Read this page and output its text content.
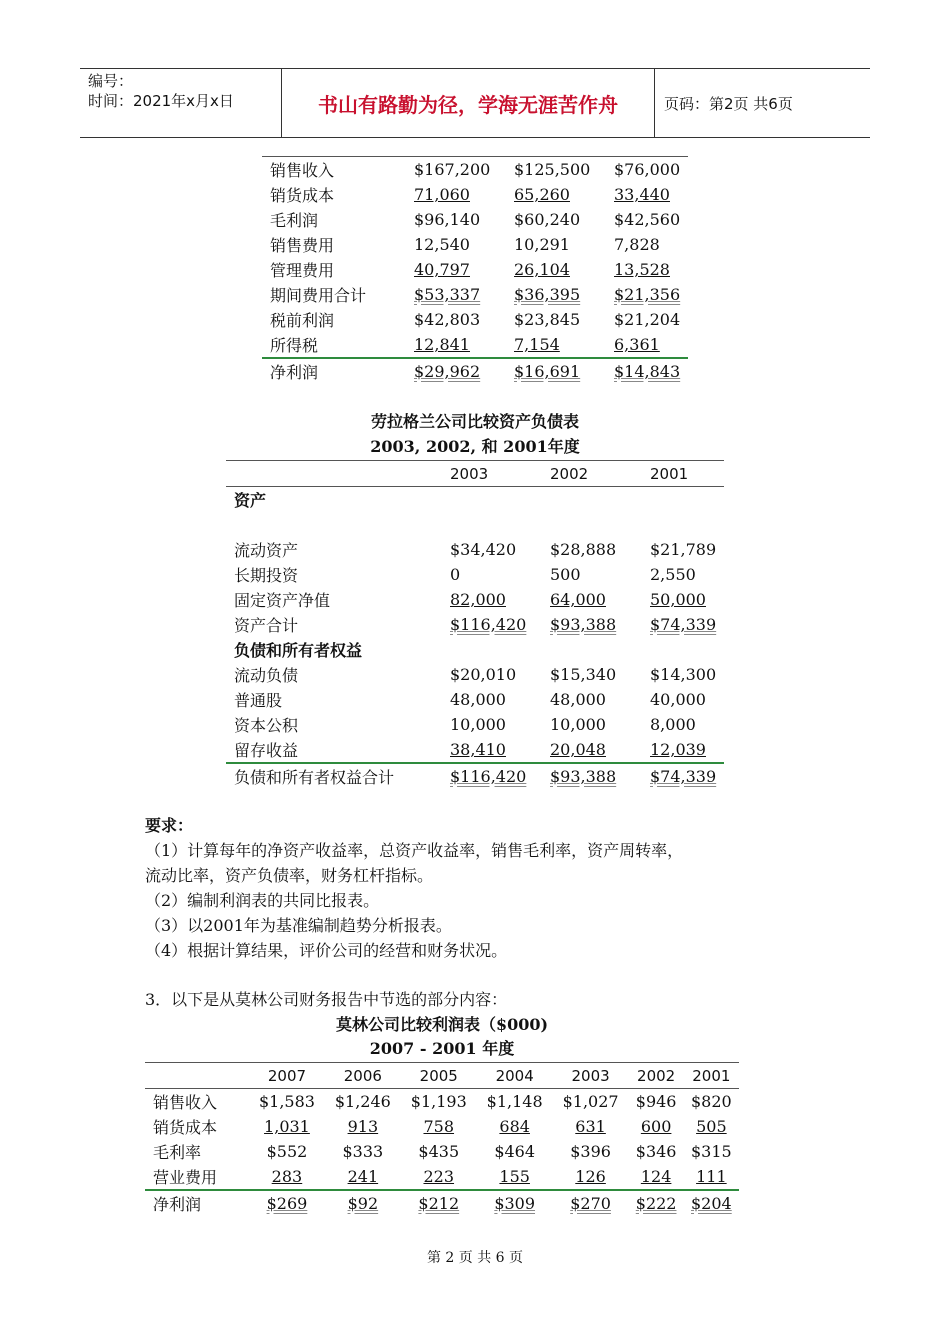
编号：
时间：2021年x月x日	书山有路勤为径，学海无涯苦作舟	页码：第2页 共6页
销售收入	$167,200	$125,500	$76,000
销货成本	71,060	65,260	33,440
毛利润	$96,140	$60,240	$42,560
销售费用	12,540	10,291	7,828
管理费用	40,797	26,104	13,528
期间费用合计	$53,337	$36,395	$21,356
税前利润	$42,803	$23,845	$21,204
所得税	12,841	7,154	6,361
净利润	$29,962	$16,691	$14,843
劳拉格兰公司比较资产负债表
2003, 2002, 和 2001年度
	2003	2002	2001
资产			

流动资产	$34,420	$28,888	$21,789
长期投资	0	500	2,550
固定资产净值	82,000	64,000	50,000
资产合计	$116,420	$93,388	$74,339
负债和所有者权益			
流动负债	$20,010	$15,340	$14,300
普通股	48,000	48,000	40,000
资本公积	10,000	10,000	8,000
留存收益	38,410	20,048	12,039
负债和所有者权益合计	$116,420	$93,388	$74,339
要求：
（1）计算每年的净资产收益率，总资产收益率，销售毛利率，资产周转率，
流动比率，资产负债率，财务杠杆指标。
（2）编制利润表的共同比报表。
（3）以2001年为基准编制趋势分析报表。
（4）根据计算结果，评价公司的经营和财务状况。
3．以下是从莫林公司财务报告中节选的部分内容：
莫林公司比较利润表（$000)
2007 - 2001 年度
	2007	2006	2005	2004	2003	2002	2001
销售收入	$1,583	$1,246	$1,193	$1,148	$1,027	$946	$820
销货成本	1,031	913	758	684	631	600	505
毛利率	$552	$333	$435	$464	$396	$346	$315
营业费用	283	241	223	155	126	124	111
净利润	$269	$92	$212	$309	$270	$222	$204
第 2 页 共 6 页
